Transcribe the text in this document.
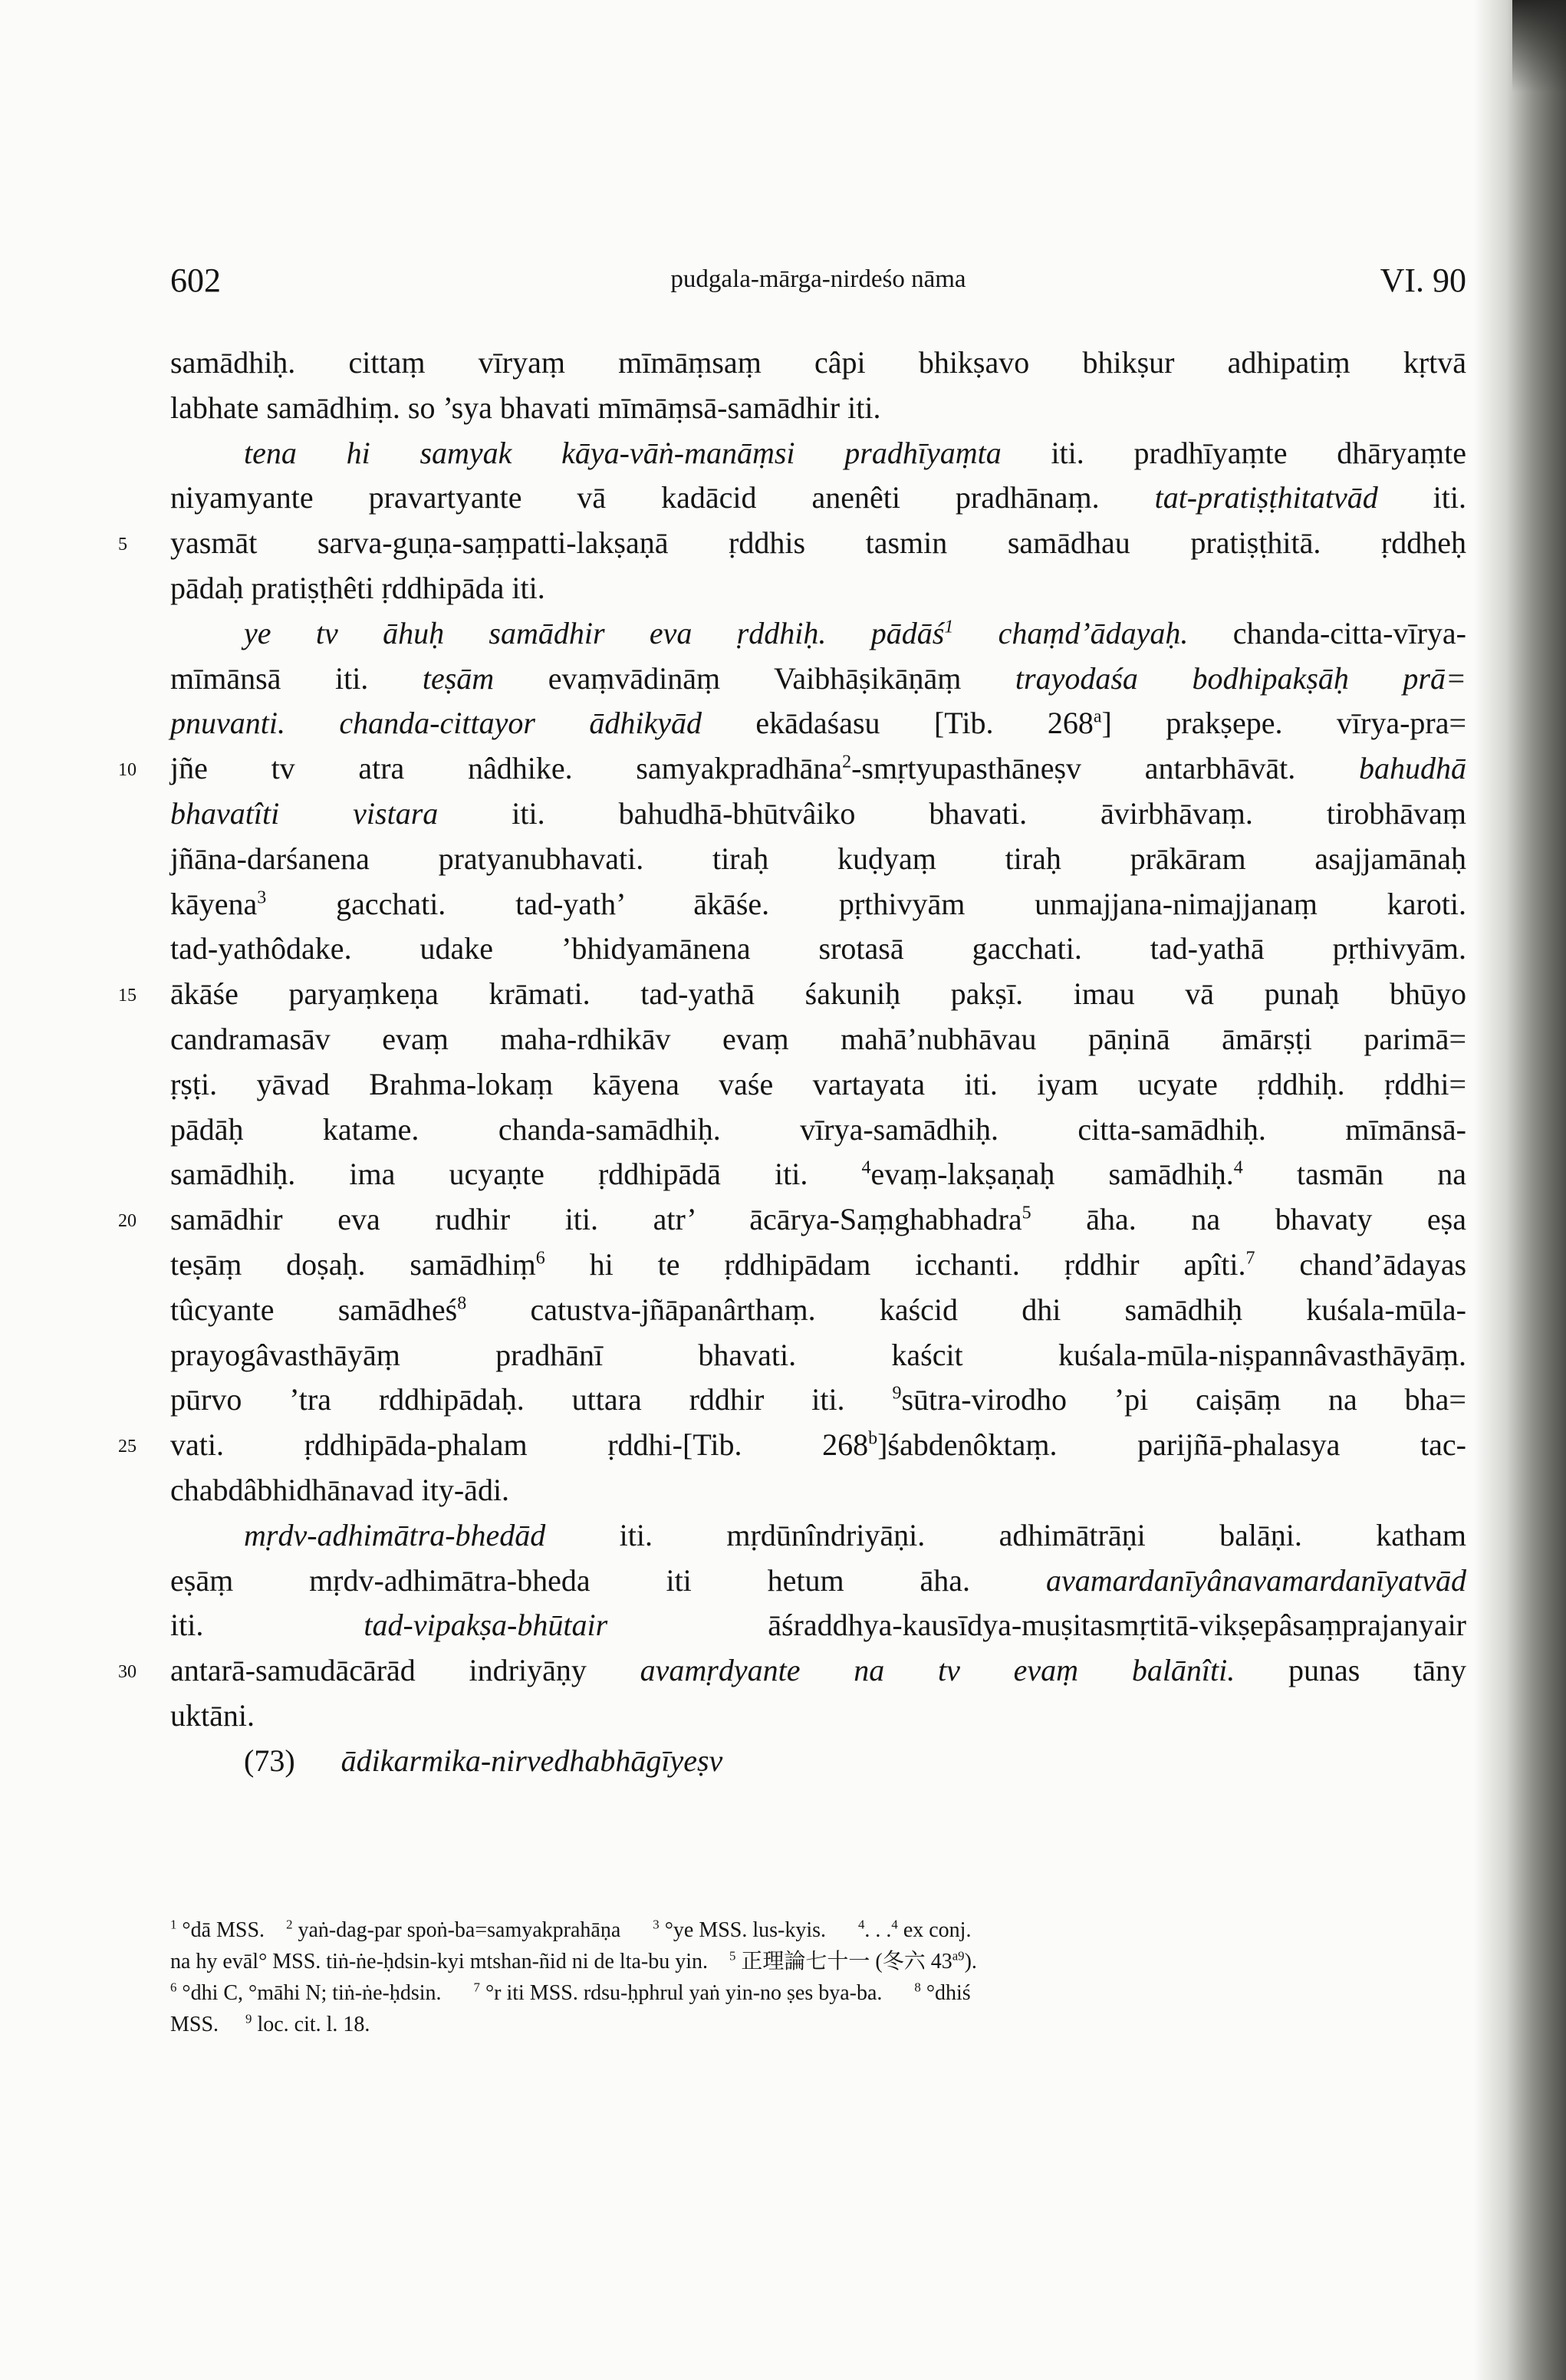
602	pudgala-mārga-nirdeśo nāma	VI. 90
samādhiḥ. cittaṃ vīryaṃ mīmāṃsaṃ câpi bhikṣavo bhikṣur adhipatiṃ kṛtvā
labhate samādhiṃ. so ’sya bhavati mīmāṃsā-samādhir iti.
tena hi samyak kāya-vāṅ-manāṃsi pradhīyaṃta iti. pradhīyaṃte dhāryaṃte
niyamyante pravartyante vā kadācid anenêti pradhānaṃ. tat-pratiṣṭhitatvād iti.
5	yasmāt sarva-guṇa-saṃpatti-lakṣaṇā ṛddhis tasmin samādhau pratiṣṭhitā. ṛddheḥ
pādaḥ pratiṣṭhêti ṛddhipāda iti.
ye tv āhuḥ samādhir eva ṛddhiḥ. pādāś$^1$ chaṃd’ādayaḥ. chanda-citta-vīrya-
mīmānsā iti. teṣām evaṃvādināṃ Vaibhāṣikāṇāṃ trayodaśa bodhipakṣāḥ prā=
pnuvanti. chanda-cittayor ādhikyād ekādaśasu [Tib. 268$^a$] prakṣepe. vīrya-pra=
10	jñe tv atra nâdhike. samyakpradhāna$^2$-smṛtyupasthāneṣv antarbhāvāt. bahudhā
bhavatîti vistara iti. bahudhā-bhūtvâiko bhavati. āvirbhāvaṃ. tirobhāvaṃ
jñāna-darśanena pratyanubhavati. tiraḥ kuḍyaṃ tiraḥ prākāram asajjamānaḥ
kāyena$^3$ gacchati. tad-yath’ ākāśe. pṛthivyām unmajjana-nimajjanaṃ karoti.
tad-yathôdake. udake ’bhidyamānena srotasā gacchati. tad-yathā pṛthivyām.
15	ākāśe paryaṃkeṇa krāmati. tad-yathā śakuniḥ pakṣī. imau vā punaḥ bhūyo
candramasāv evaṃ maha-rdhikāv evaṃ mahā’nubhāvau pāṇinā āmārṣṭi parimā=
ṛṣṭi. yāvad Brahma-lokaṃ kāyena vaśe vartayata iti. iyam ucyate ṛddhiḥ. ṛddhi=
pādāḥ katame. chanda-samādhiḥ. vīrya-samādhiḥ. citta-samādhiḥ. mīmānsā-
samādhiḥ. ima ucyaṇte ṛddhipādā iti. $^4$evaṃ-lakṣaṇaḥ samādhiḥ.$^4$ tasmān na
20	samādhir eva rudhir iti. atr’ ācārya-Saṃghabhadra$^5$ āha. na bhavaty eṣa
teṣāṃ doṣaḥ. samādhiṃ$^6$ hi te ṛddhipādam icchanti. ṛddhir apîti.$^7$ chand’ādayas
tûcyante samādheś$^8$ catustva-jñāpanârthaṃ. kaścid dhi samādhiḥ kuśala-mūla-
prayogâvasthāyāṃ pradhānī bhavati. kaścit kuśala-mūla-niṣpannâvasthāyāṃ.
pūrvo ’tra rddhipādaḥ. uttara rddhir iti. $^9$sūtra-virodho ’pi caiṣāṃ na bha=
25	vati. ṛddhipāda-phalam ṛddhi-[Tib. 268$^b$]śabdenôktaṃ. parijñā-phalasya tac-
chabdâbhidhānavad ity-ādi.
mṛdv-adhimātra-bhedād iti. mṛdūnîndriyāṇi. adhimātrāṇi balāṇi. katham
eṣāṃ mṛdv-adhimātra-bheda iti hetum āha. avamardanīyânavamardanīyatvād
iti. tad-vipakṣa-bhūtair āśraddhya-kausīdya-muṣitasmṛtitā-vikṣepâsaṃprajanyair
30	antarā-samudācārād indriyāṇy avamṛdyante na tv evaṃ balānîti. punas tāny
uktāni.
(73)      ādikarmika-nirvedhabhāgīyeṣv
$^1$ °dā MSS.    $^2$ yaṅ-dag-par spoṅ-ba=samyakprahāṇa      $^3$ °ye MSS. lus-kyis.      $^4$. . .$^4$ ex conj.
na hy evāl° MSS. tiṅ-ṅe-ḥdsin-kyi mtshan-ñid ni de lta-bu yin.    $^5$ 正理論七十一 (冬六 $43^{a9}$).
$^6$ °dhi C, °māhi N; tiṅ-ṅe-ḥdsin.      $^7$ °r iti MSS. rdsu-ḥphrul yaṅ yin-no ṣes bya-ba.      $^8$ °dhiś
MSS.     $^9$ loc. cit. l. 18.
